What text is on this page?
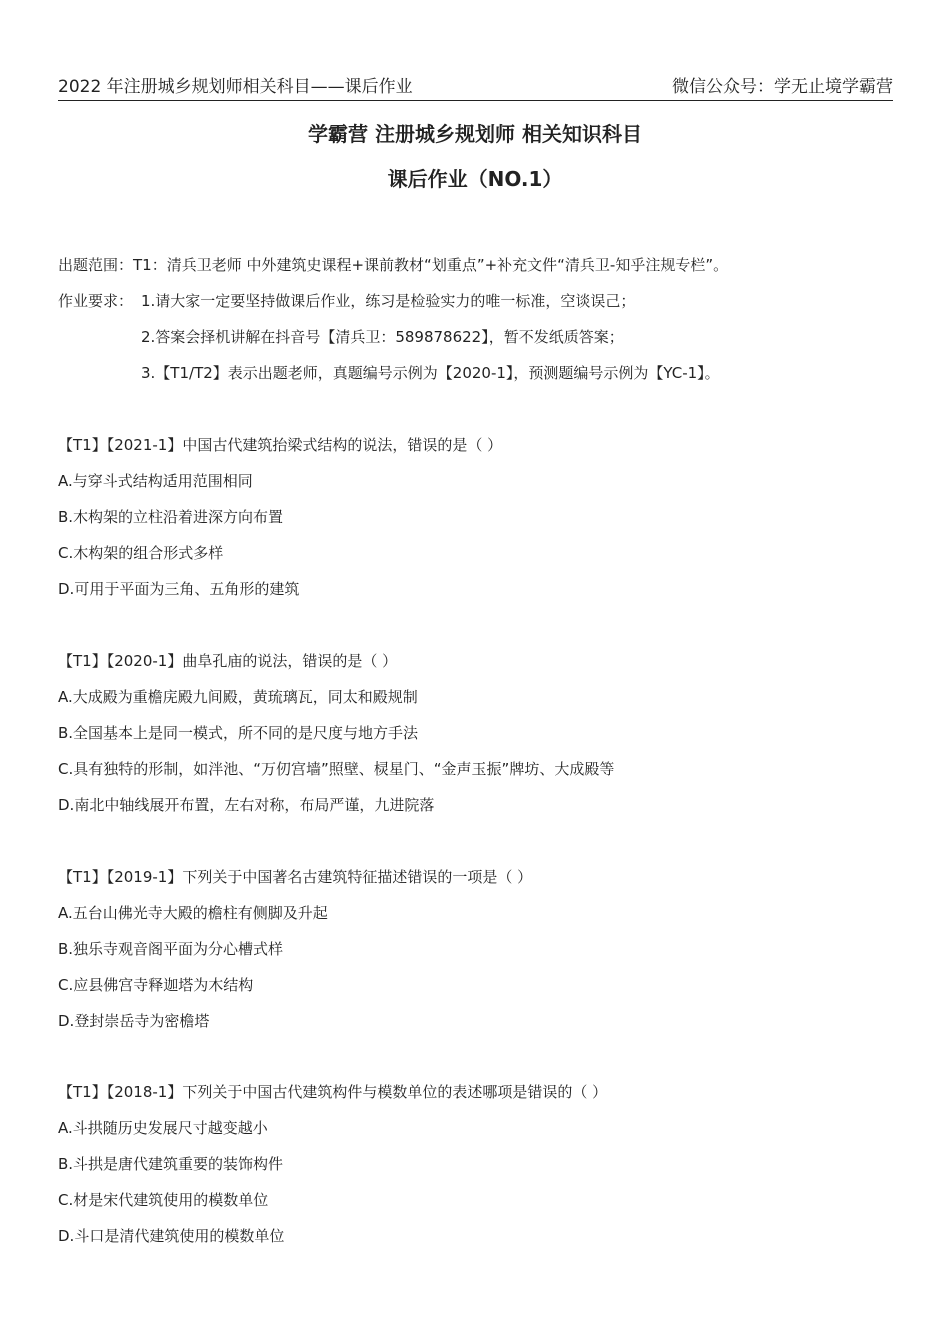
2022 年注册城乡规划师相关科目——课后作业	微信公众号：学无止境学霸营
学霸营 注册城乡规划师 相关知识科目
课后作业（NO.1）
出题范围：T1：清兵卫老师 中外建筑史课程+课前教材“划重点”+补充文件“清兵卫-知乎注规专栏”。
作业要求： 1.请大家一定要坚持做课后作业，练习是检验实力的唯一标准，空谈误己；
2.答案会择机讲解在抖音号【清兵卫：589878622】，暂不发纸质答案；
3.【T1/T2】表示出题老师，真题编号示例为【2020-1】，预测题编号示例为【YC-1】。
【T1】【2021-1】中国古代建筑抬梁式结构的说法，错误的是（ ）
A.与穿斗式结构适用范围相同
B.木构架的立柱沿着进深方向布置
C.木构架的组合形式多样
D.可用于平面为三角、五角形的建筑
【T1】【2020-1】曲阜孔庙的说法，错误的是（ ）
A.大成殿为重檐庑殿九间殿，黄琉璃瓦，同太和殿规制
B.全国基本上是同一模式，所不同的是尺度与地方手法
C.具有独特的形制，如泮池、“万仞宫墙”照壁、棂星门、“金声玉振”牌坊、大成殿等
D.南北中轴线展开布置，左右对称，布局严谨，九进院落
【T1】【2019-1】下列关于中国著名古建筑特征描述错误的一项是（ ）
A.五台山佛光寺大殿的檐柱有侧脚及升起
B.独乐寺观音阁平面为分心槽式样
C.应县佛宫寺释迦塔为木结构
D.登封崇岳寺为密檐塔
【T1】【2018-1】下列关于中国古代建筑构件与模数单位的表述哪项是错误的（ ）
A.斗拱随历史发展尺寸越变越小
B.斗拱是唐代建筑重要的装饰构件
C.材是宋代建筑使用的模数单位
D.斗口是清代建筑使用的模数单位
